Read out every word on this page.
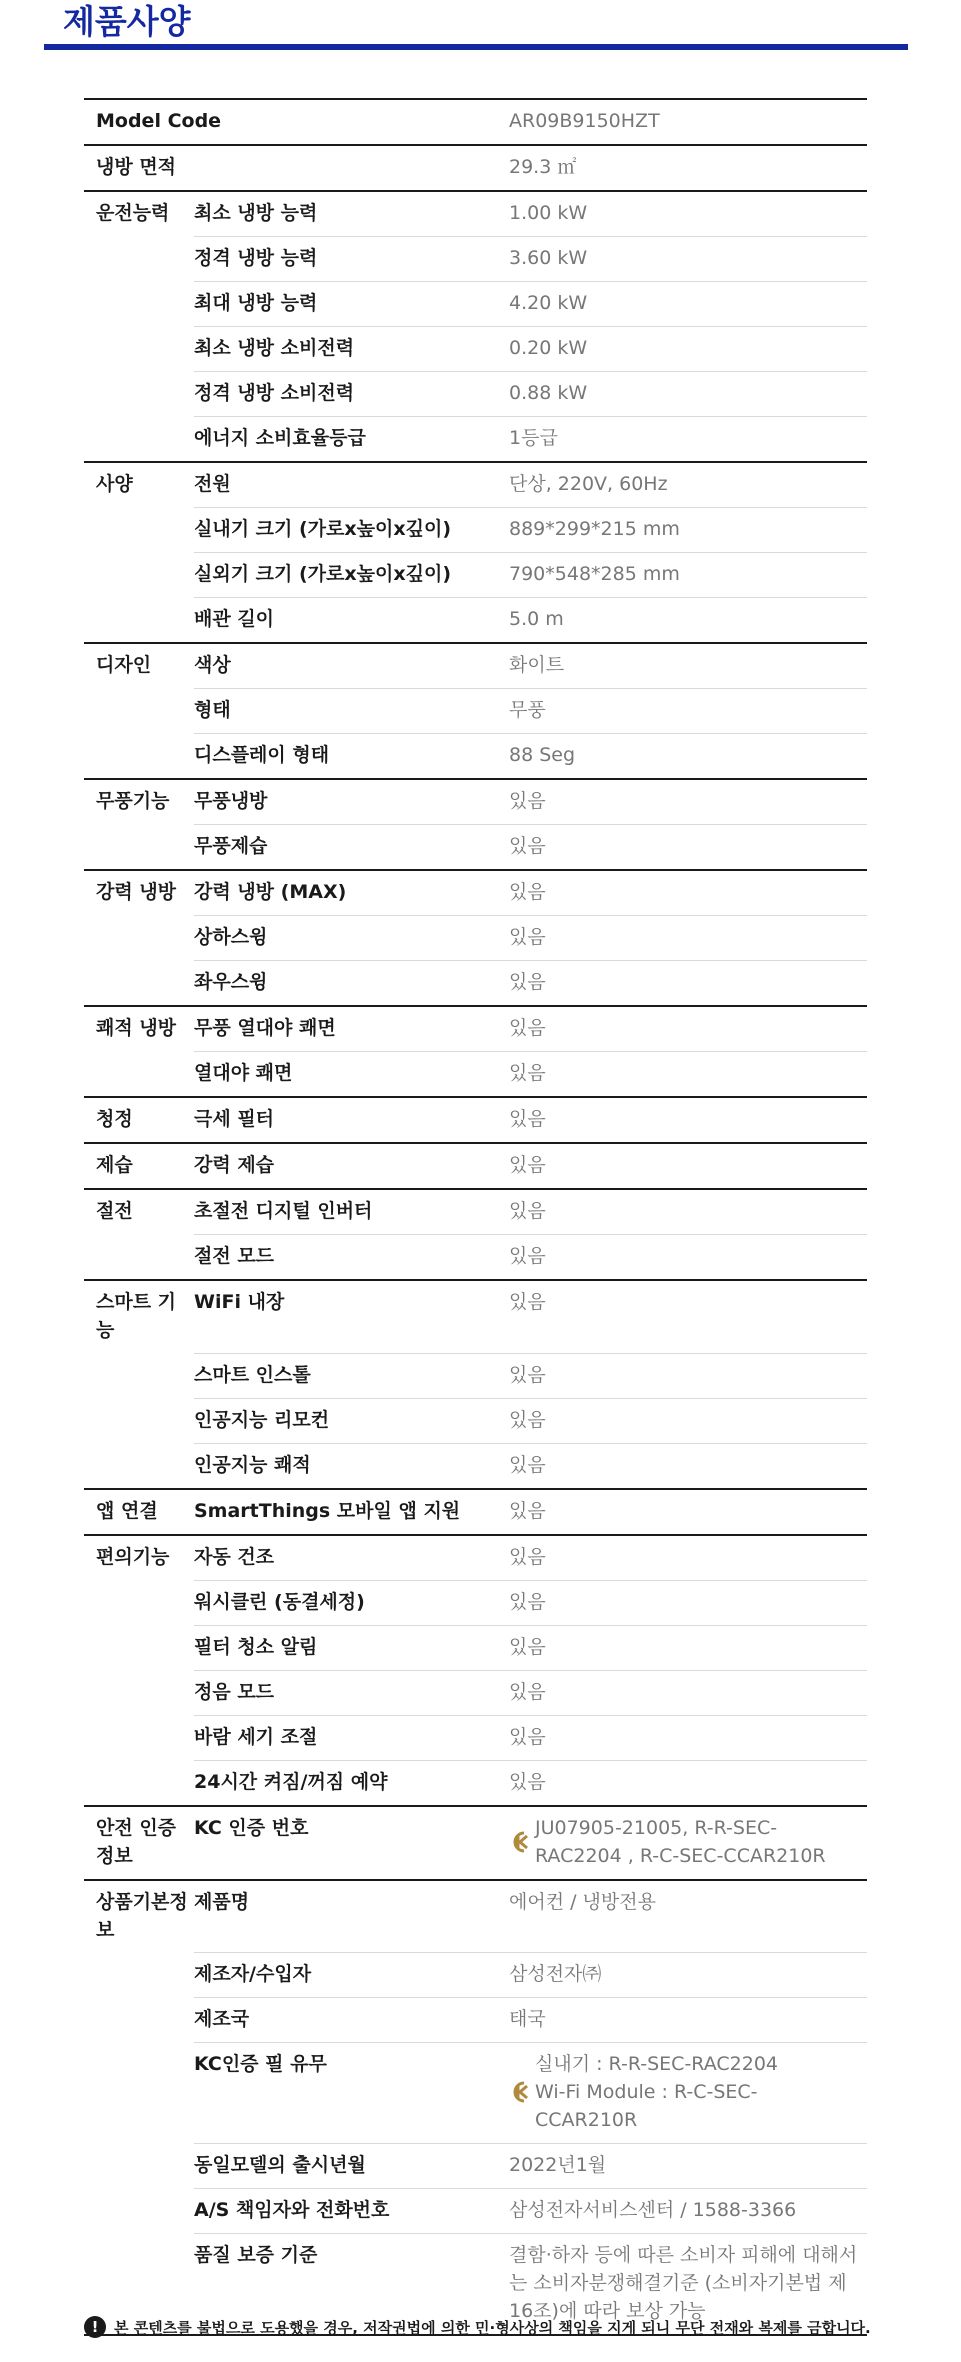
제품사양
Model Code		AR09B9150HZT
냉방 면적		29.3 ㎡
운전능력	최소 냉방 능력	1.00 kW
	정격 냉방 능력	3.60 kW
	최대 냉방 능력	4.20 kW
	최소 냉방 소비전력	0.20 kW
	정격 냉방 소비전력	0.88 kW
	에너지 소비효율등급	1등급
사양	전원	단상, 220V, 60Hz
	실내기 크기 (가로x높이x깊이)	889*299*215 mm
	실외기 크기 (가로x높이x깊이)	790*548*285 mm
	배관 길이	5.0 m
디자인	색상	화이트
	형태	무풍
	디스플레이 형태	88 Seg
무풍기능	무풍냉방	있음
	무풍제습	있음
강력 냉방	강력 냉방 (MAX)	있음
	상하스윙	있음
	좌우스윙	있음
쾌적 냉방	무풍 열대야 쾌면	있음
	열대야 쾌면	있음
청정	극세 필터	있음
제습	강력 제습	있음
절전	초절전 디지털 인버터	있음
	절전 모드	있음
스마트 기능	WiFi 내장	있음
	스마트 인스톨	있음
	인공지능 리모컨	있음
	인공지능 쾌적	있음
앱 연결	SmartThings 모바일 앱 지원	있음
편의기능	자동 건조	있음
	워시클린 (동결세정)	있음
	필터 청소 알림	있음
	정음 모드	있음
	바람 세기 조절	있음
	24시간 켜짐/꺼짐 예약	있음
안전 인증 정보	KC 인증 번호	JU07905-21005, R-R-SEC-RAC2204 , R-C-SEC-CCAR210R

상품기본정보	제품명	에어컨 / 냉방전용
	제조자/수입자	삼성전자㈜
	제조국	태국
	KC인증 필 유무	실내기 : R-R-SEC-RAC2204
Wi-Fi Module : R-C-SEC-CCAR210R

	동일모델의 출시년월	2022년1월
	A/S 책임자와 전화번호	삼성전자서비스센터 / 1588-3366
	품질 보증 기준	결함·하자 등에 따른 소비자 피해에 대해서는 소비자분쟁해결기준 (소비자기본법 제16조)에 따라 보상 가능
!	본 콘텐츠를 불법으로 도용했을 경우, 저작권법에 의한 민·형사상의 책임을 지게 되니 무단 전재와 복제를 금합니다.
